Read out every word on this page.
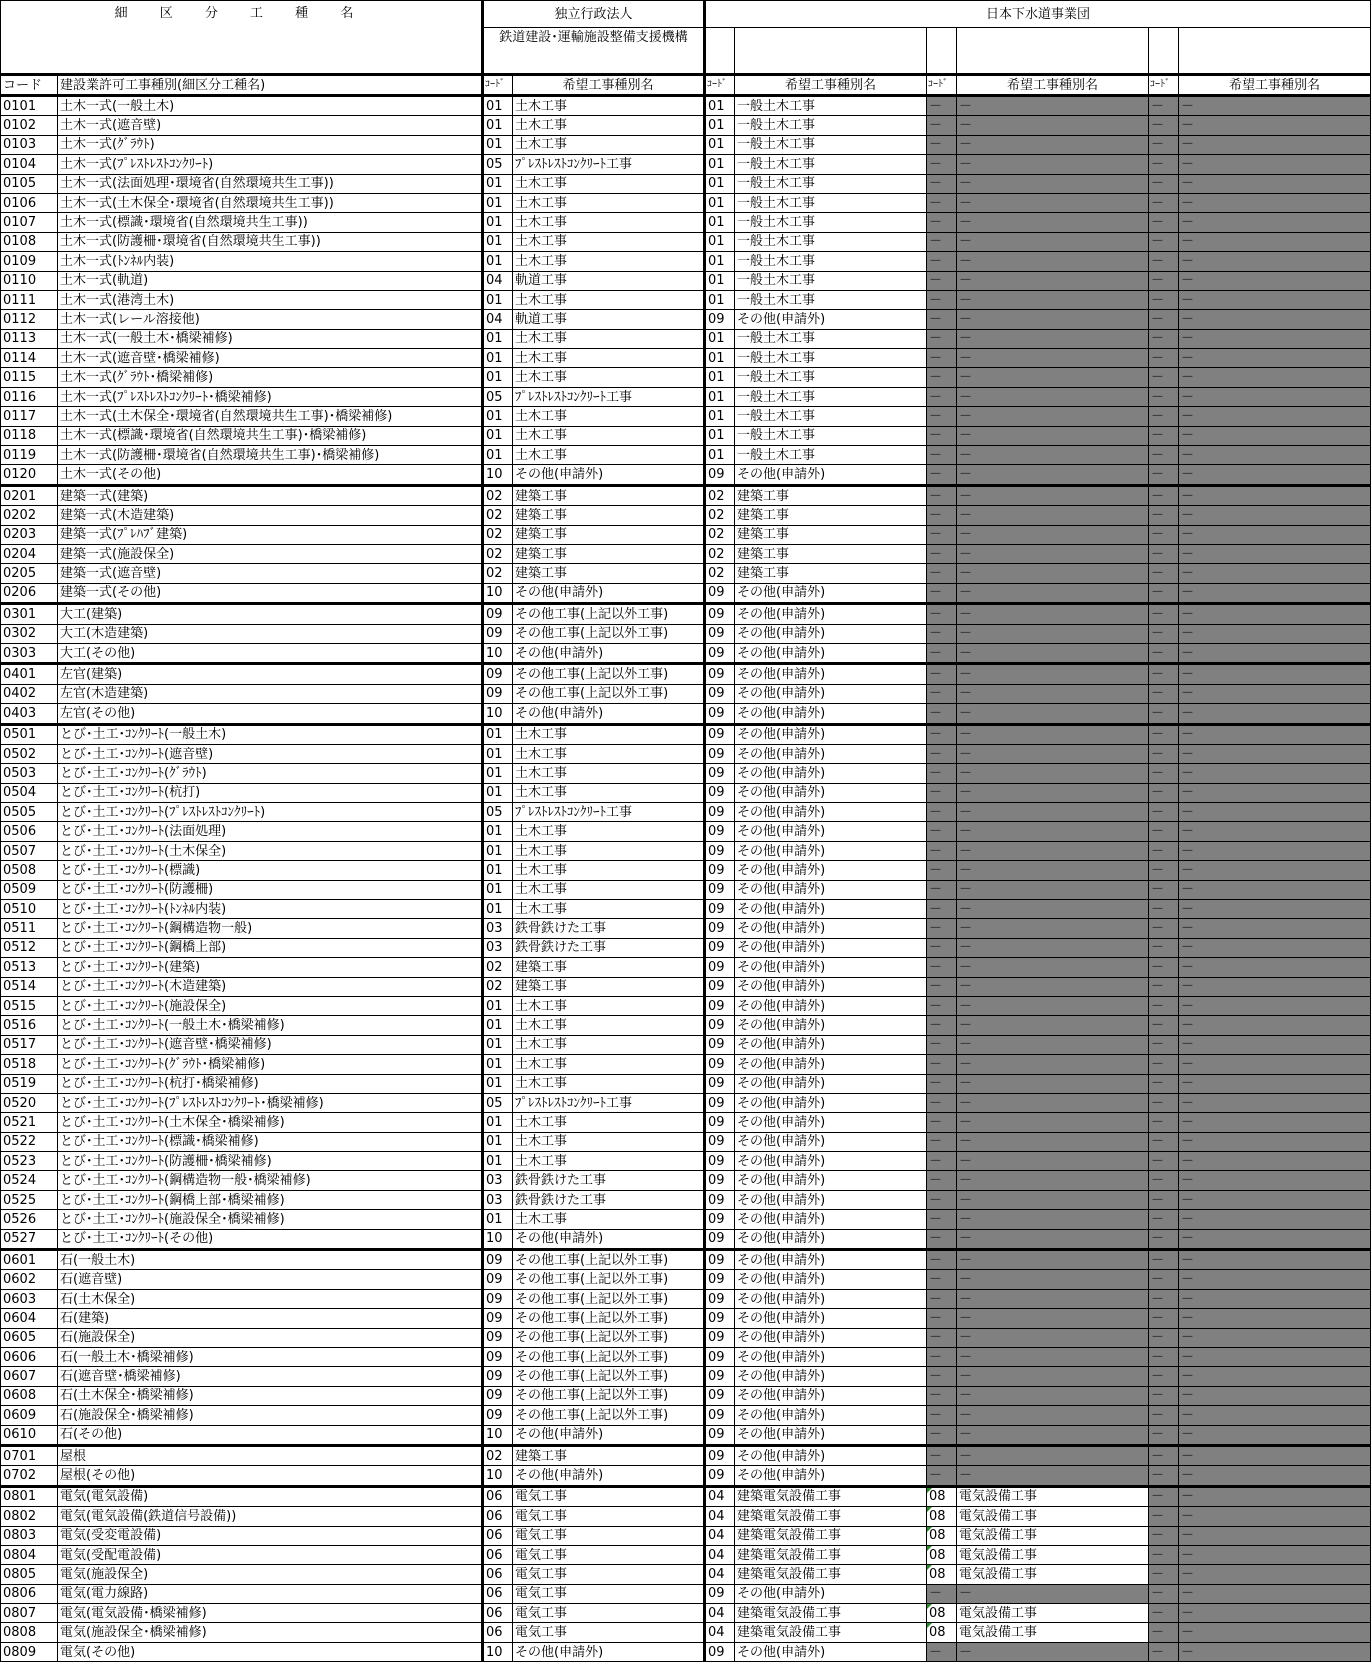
細 区 分 工 種 名		独立行政法人		日本下水道事業団					
		鉄道建設･運輸施設整備支援機構							
コード	建設業許可工事種別(細区分工種名)	ｺｰﾄﾞ	希望工事種別名	ｺｰﾄﾞ	希望工事種別名	ｺｰﾄﾞ	希望工事種別名	ｺｰﾄﾞ	希望工事種別名
0101	土木一式(一般土木)	01	土木工事	01	一般土木工事	－	－	－	－
0102	土木一式(遮音壁)	01	土木工事	01	一般土木工事	－	－	－	－
0103	土木一式(ｸﾞﾗｳﾄ)	01	土木工事	01	一般土木工事	－	－	－	－
0104	土木一式(ﾌﾟﾚｽﾄﾚｽﾄｺﾝｸﾘｰﾄ)	05	ﾌﾟﾚｽﾄﾚｽﾄｺﾝｸﾘｰﾄ工事	01	一般土木工事	－	－	－	－
0105	土木一式(法面処理･環境省(自然環境共生工事))	01	土木工事	01	一般土木工事	－	－	－	－
0106	土木一式(土木保全･環境省(自然環境共生工事))	01	土木工事	01	一般土木工事	－	－	－	－
0107	土木一式(標識･環境省(自然環境共生工事))	01	土木工事	01	一般土木工事	－	－	－	－
0108	土木一式(防護柵･環境省(自然環境共生工事))	01	土木工事	01	一般土木工事	－	－	－	－
0109	土木一式(ﾄﾝﾈﾙ内装)	01	土木工事	01	一般土木工事	－	－	－	－
0110	土木一式(軌道)	04	軌道工事	01	一般土木工事	－	－	－	－
0111	土木一式(港湾土木)	01	土木工事	01	一般土木工事	－	－	－	－
0112	土木一式(レール溶接他)	04	軌道工事	09	その他(申請外)	－	－	－	－
0113	土木一式(一般土木･橋梁補修)	01	土木工事	01	一般土木工事	－	－	－	－
0114	土木一式(遮音壁･橋梁補修)	01	土木工事	01	一般土木工事	－	－	－	－
0115	土木一式(ｸﾞﾗｳﾄ･橋梁補修)	01	土木工事	01	一般土木工事	－	－	－	－
0116	土木一式(ﾌﾟﾚｽﾄﾚｽﾄｺﾝｸﾘｰﾄ･橋梁補修)	05	ﾌﾟﾚｽﾄﾚｽﾄｺﾝｸﾘｰﾄ工事	01	一般土木工事	－	－	－	－
0117	土木一式(土木保全･環境省(自然環境共生工事)･橋梁補修)	01	土木工事	01	一般土木工事	－	－	－	－
0118	土木一式(標識･環境省(自然環境共生工事)･橋梁補修)	01	土木工事	01	一般土木工事	－	－	－	－
0119	土木一式(防護柵･環境省(自然環境共生工事)･橋梁補修)	01	土木工事	01	一般土木工事	－	－	－	－
0120	土木一式(その他)	10	その他(申請外)	09	その他(申請外)	－	－	－	－
0201	建築一式(建築)	02	建築工事	02	建築工事	－	－	－	－
0202	建築一式(木造建築)	02	建築工事	02	建築工事	－	－	－	－
0203	建築一式(ﾌﾟﾚﾊﾌﾞ建築)	02	建築工事	02	建築工事	－	－	－	－
0204	建築一式(施設保全)	02	建築工事	02	建築工事	－	－	－	－
0205	建築一式(遮音壁)	02	建築工事	02	建築工事	－	－	－	－
0206	建築一式(その他)	10	その他(申請外)	09	その他(申請外)	－	－	－	－
0301	大工(建築)	09	その他工事(上記以外工事)	09	その他(申請外)	－	－	－	－
0302	大工(木造建築)	09	その他工事(上記以外工事)	09	その他(申請外)	－	－	－	－
0303	大工(その他)	10	その他(申請外)	09	その他(申請外)	－	－	－	－
0401	左官(建築)	09	その他工事(上記以外工事)	09	その他(申請外)	－	－	－	－
0402	左官(木造建築)	09	その他工事(上記以外工事)	09	その他(申請外)	－	－	－	－
0403	左官(その他)	10	その他(申請外)	09	その他(申請外)	－	－	－	－
0501	とび･土工･ｺﾝｸﾘｰﾄ(一般土木)	01	土木工事	09	その他(申請外)	－	－	－	－
0502	とび･土工･ｺﾝｸﾘｰﾄ(遮音壁)	01	土木工事	09	その他(申請外)	－	－	－	－
0503	とび･土工･ｺﾝｸﾘｰﾄ(ｸﾞﾗｳﾄ)	01	土木工事	09	その他(申請外)	－	－	－	－
0504	とび･土工･ｺﾝｸﾘｰﾄ(杭打)	01	土木工事	09	その他(申請外)	－	－	－	－
0505	とび･土工･ｺﾝｸﾘｰﾄ(ﾌﾟﾚｽﾄﾚｽﾄｺﾝｸﾘｰﾄ)	05	ﾌﾟﾚｽﾄﾚｽﾄｺﾝｸﾘｰﾄ工事	09	その他(申請外)	－	－	－	－
0506	とび･土工･ｺﾝｸﾘｰﾄ(法面処理)	01	土木工事	09	その他(申請外)	－	－	－	－
0507	とび･土工･ｺﾝｸﾘｰﾄ(土木保全)	01	土木工事	09	その他(申請外)	－	－	－	－
0508	とび･土工･ｺﾝｸﾘｰﾄ(標識)	01	土木工事	09	その他(申請外)	－	－	－	－
0509	とび･土工･ｺﾝｸﾘｰﾄ(防護柵)	01	土木工事	09	その他(申請外)	－	－	－	－
0510	とび･土工･ｺﾝｸﾘｰﾄ(ﾄﾝﾈﾙ内装)	01	土木工事	09	その他(申請外)	－	－	－	－
0511	とび･土工･ｺﾝｸﾘｰﾄ(鋼構造物一般)	03	鉄骨鉄けた工事	09	その他(申請外)	－	－	－	－
0512	とび･土工･ｺﾝｸﾘｰﾄ(鋼橋上部)	03	鉄骨鉄けた工事	09	その他(申請外)	－	－	－	－
0513	とび･土工･ｺﾝｸﾘｰﾄ(建築)	02	建築工事	09	その他(申請外)	－	－	－	－
0514	とび･土工･ｺﾝｸﾘｰﾄ(木造建築)	02	建築工事	09	その他(申請外)	－	－	－	－
0515	とび･土工･ｺﾝｸﾘｰﾄ(施設保全)	01	土木工事	09	その他(申請外)	－	－	－	－
0516	とび･土工･ｺﾝｸﾘｰﾄ(一般土木･橋梁補修)	01	土木工事	09	その他(申請外)	－	－	－	－
0517	とび･土工･ｺﾝｸﾘｰﾄ(遮音壁･橋梁補修)	01	土木工事	09	その他(申請外)	－	－	－	－
0518	とび･土工･ｺﾝｸﾘｰﾄ(ｸﾞﾗｳﾄ･橋梁補修)	01	土木工事	09	その他(申請外)	－	－	－	－
0519	とび･土工･ｺﾝｸﾘｰﾄ(杭打･橋梁補修)	01	土木工事	09	その他(申請外)	－	－	－	－
0520	とび･土工･ｺﾝｸﾘｰﾄ(ﾌﾟﾚｽﾄﾚｽﾄｺﾝｸﾘｰﾄ･橋梁補修)	05	ﾌﾟﾚｽﾄﾚｽﾄｺﾝｸﾘｰﾄ工事	09	その他(申請外)	－	－	－	－
0521	とび･土工･ｺﾝｸﾘｰﾄ(土木保全･橋梁補修)	01	土木工事	09	その他(申請外)	－	－	－	－
0522	とび･土工･ｺﾝｸﾘｰﾄ(標識･橋梁補修)	01	土木工事	09	その他(申請外)	－	－	－	－
0523	とび･土工･ｺﾝｸﾘｰﾄ(防護柵･橋梁補修)	01	土木工事	09	その他(申請外)	－	－	－	－
0524	とび･土工･ｺﾝｸﾘｰﾄ(鋼構造物一般･橋梁補修)	03	鉄骨鉄けた工事	09	その他(申請外)	－	－	－	－
0525	とび･土工･ｺﾝｸﾘｰﾄ(鋼橋上部･橋梁補修)	03	鉄骨鉄けた工事	09	その他(申請外)	－	－	－	－
0526	とび･土工･ｺﾝｸﾘｰﾄ(施設保全･橋梁補修)	01	土木工事	09	その他(申請外)	－	－	－	－
0527	とび･土工･ｺﾝｸﾘｰﾄ(その他)	10	その他(申請外)	09	その他(申請外)	－	－	－	－
0601	石(一般土木)	09	その他工事(上記以外工事)	09	その他(申請外)	－	－	－	－
0602	石(遮音壁)	09	その他工事(上記以外工事)	09	その他(申請外)	－	－	－	－
0603	石(土木保全)	09	その他工事(上記以外工事)	09	その他(申請外)	－	－	－	－
0604	石(建築)	09	その他工事(上記以外工事)	09	その他(申請外)	－	－	－	－
0605	石(施設保全)	09	その他工事(上記以外工事)	09	その他(申請外)	－	－	－	－
0606	石(一般土木･橋梁補修)	09	その他工事(上記以外工事)	09	その他(申請外)	－	－	－	－
0607	石(遮音壁･橋梁補修)	09	その他工事(上記以外工事)	09	その他(申請外)	－	－	－	－
0608	石(土木保全･橋梁補修)	09	その他工事(上記以外工事)	09	その他(申請外)	－	－	－	－
0609	石(施設保全･橋梁補修)	09	その他工事(上記以外工事)	09	その他(申請外)	－	－	－	－
0610	石(その他)	10	その他(申請外)	09	その他(申請外)	－	－	－	－
0701	屋根	02	建築工事	09	その他(申請外)	－	－	－	－
0702	屋根(その他)	10	その他(申請外)	09	その他(申請外)	－	－	－	－
0801	電気(電気設備)	06	電気工事	04	建築電気設備工事	08	電気設備工事	－	－
0802	電気(電気設備(鉄道信号設備))	06	電気工事	04	建築電気設備工事	08	電気設備工事	－	－
0803	電気(受変電設備)	06	電気工事	04	建築電気設備工事	08	電気設備工事	－	－
0804	電気(受配電設備)	06	電気工事	04	建築電気設備工事	08	電気設備工事	－	－
0805	電気(施設保全)	06	電気工事	04	建築電気設備工事	08	電気設備工事	－	－
0806	電気(電力線路)	06	電気工事	09	その他(申請外)	－	－	－	－
0807	電気(電気設備･橋梁補修)	06	電気工事	04	建築電気設備工事	08	電気設備工事	－	－
0808	電気(施設保全･橋梁補修)	06	電気工事	04	建築電気設備工事	08	電気設備工事	－	－
0809	電気(その他)	10	その他(申請外)	09	その他(申請外)	－	－	－	－
